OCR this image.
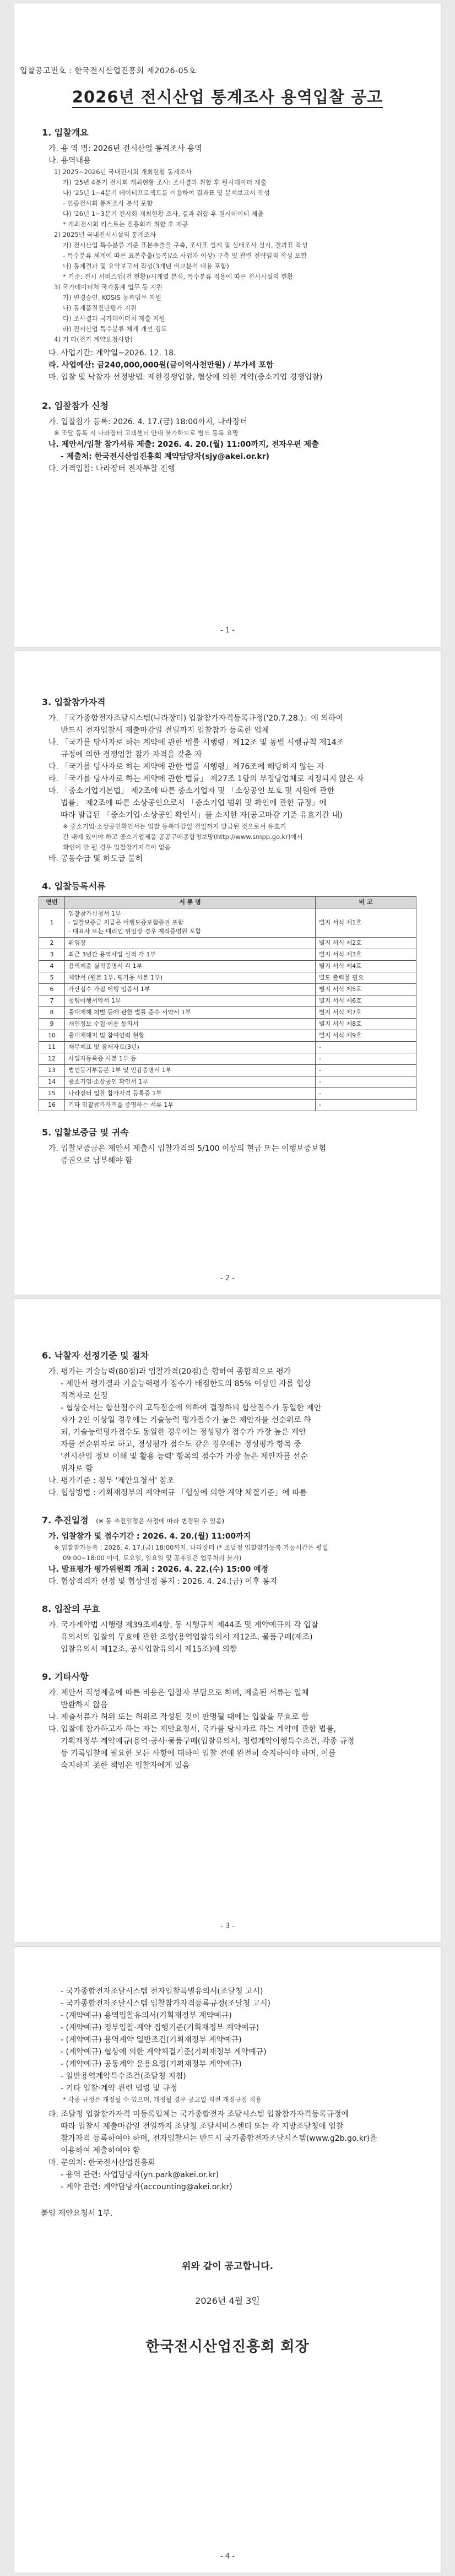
입찰공고번호 : 한국전시산업진흥회 제2026-05호
2026년 전시산업 통계조사 용역입찰 공고
1. 입찰개요
가. 용 역 명: 2026년 전시산업 통계조사 용역
나. 용역내용
1) 2025~2026년 국내전시회 개최현황 통계조사
가) '25년 4분기 전시회 개최현황 조사: 조사결과 취합 후 원시데이터 제출
나) '25년 1~4분기 데이터프로젝트를 이용하여 결과표 및 분석보고서 작성
- 인증전시회 통계조사 분석 포함
다) '26년 1~3분기 전시회 개최현황 조사, 결과 취합 후 원시데이터 제출
* 개최전시회 리스트는 진흥회가 취합 후 제공
2) 2025년 국내전시시설의 통계조사
가) 전시산업 특수분류 기준 표본추출을 구축, 조사표 설계 및 실태조사 실시, 결과표 작성
- 특수분류 체계에 따른 표본추출(등록)/소 사업자 이상) 구축 및 관련 전략임직 작성 포함
나) 통계결과 및 요약보고서 작성(3개년 비교분석 내용 포함)
* 기준: 전시 서비스업(전 현황)/시계열 분석, 특수분류 적용에 따른 전시시설의 현황
3) 국가데이터처 국가통계 업무 등 지원
가) 변경승인, KOSIS 등록업무 지원
나) 통계품질진단평가 지원
다) 조사결과 국가데이터처 제출 지원
라) 전시산업 특수분류 체계 개선 검토
4) 기 타(전기 계약요청사항)
다. 사업기간: 계약일~2026. 12. 18.
라. 사업예산: 금240,000,000원(금이억사천만원) / 부가세 포함
마. 입찰 및 낙찰자 선정방법: 제한경쟁입찰, 협상에 의한 계약(중소기업 경쟁입찰)
2. 입찰참가 신청
가. 입찰참가 등록: 2026. 4. 17.(금) 18:00까지, 나라장터
※ 조달 등록 시 나라장터 고객센터 안내 불가하므로 별도 등록 요망
나. 제안서/입찰 참가서류 제출: 2026. 4. 20.(월) 11:00까지, 전자우편 제출
- 제출처: 한국전시산업진흥회 계약담당자(sjy@akei.or.kr)
다. 가격입찰: 나라장터 전자투찰 진행
- 1 -
3. 입찰참가자격
가. 「국가종합전자조달시스템(나라장터) 입찰참가자격등록규정('20.7.28.)」에 의하여
반드시 전자입찰서 제출마감일 전일까지 입찰참가 등록한 업체
나. 「국가를 당사자로 하는 계약에 관한 법률 시행령」제12조 및 동법 시행규칙 제14조
규정에 의한 경쟁입찰 참가 자격을 갖춘 자
다. 「국가를 당사자로 하는 계약에 관한 법률 시행령」제76조에 해당하지 않는 자
라. 「국가를 당사자로 하는 계약에 관한 법률」 제27조 1항의 부정당업체로 지정되지 않은 자
마. 「중소기업기본법」 제2조에 따른 중소기업자 및 「소상공인 보호 및 지원에 관한
법률」 제2조에 따른 소상공인으로서 「중소기업 범위 및 확인에 관한 규정」에
따라 발급된 「중소기업·소상공인 확인서」를 소지한 자(공고마감 기준 유효기간 내)
※ 중소기업·소상공인확인서는 입찰 등록마감일 전일까지 발급된 것으로서 유효기
간 내에 있어야 하고 중소기업제품 공공구매종합정보망(http://www.smpp.go.kr)에서
확인이 안 될 경우 입찰참가자격이 없음
바. 공동수급 및 하도급 불허
4. 입찰등록서류
연번	서 류 명	비 고
1	입찰참가신청서 1부
- 입찰보증금 지급은 이행보증보험증권 포함
- 대표자 또는 대리인 위임장 경우 재직증명원 포함	별지 서식 제1호
2	위임장	별지 서식 제2호
3	최근 3년간 용역사업 실적 각 1부	별지 서식 제3호
4	용역제출 실적증명서 각 1부	별지 서식 제4호
5	제안서 (원본 1부, 평가용 사본 1부)	별도 출력물 필요
6	가산점수 가점 이행 입증서 1부	별지 서식 제5호
7	청렴이행서약서 1부	별지 서식 제6호
8	중대재해 처벌 등에 관한 법률 준수 서약서 1부	별지 서식 제7호
9	개인정보 수집·이용 동의서	별지 서식 제8호
10	중대재해지 및 참여인력 현황	별지 서식 제9호
11	재무제표 및 잠재자료(3년)	-
12	사업자등록증 사본 1부 등	-
13	법인등기부등본 1부 및 인감증명서 1부	-
14	중소기업·소상공인 확인서 1부	-
15	나라장터 입찰 참가자격 등록증 1부	-
16	기타 입찰참가자격을 증명하는 서류 1부	-
5. 입찰보증금 및 귀속
가. 입찰보증금은 제안서 제출시 입찰가격의 5/100 이상의 현금 또는 이행보증보험
증권으로 납부해야 함
- 2 -
6. 낙찰자 선정기준 및 절차
가. 평가는 기술능력(80점)과 입찰가격(20점)을 합하여 종합적으로 평가
- 제안서 평가결과 기술능력평가 점수가 배점한도의 85% 이상인 자를 협상
적격자로 선정
- 협상순서는 합산점수의 고득점순에 의하여 결정하되 합산점수가 동일한 제안
자가 2인 이상일 경우에는 기술능력 평가점수가 높은 제안자를 선순위로 하
되, 기술능력평가점수도 동일한 경우에는 정성평가 점수가 가장 높은 제안
자를 선순위자로 하고, 정성평가 점수도 같은 경우에는 정성평가 항목 중
'전시산업 정보 이해 및 활용 능력' 항목의 점수가 가장 높은 제안자를 선순
위자로 함
나. 평가기준 : 첨부 '제안요청서' 참조
다. 협상방법 : 기획재정부의 계약예규 「협상에 의한 계약 체결기준」에 따름
7. 추진일정 (※ 동 추진일정은 사정에 따라 변경될 수 있음)
가. 입찰참가 및 접수기간 : 2026. 4. 20.(월) 11:00까지
※ 입찰참가등록 : 2026. 4. 17.(금) 18:00까지, 나라장터 (* 조달청 입찰참가등록 가능시간은 평일
09:00~18:00 이며, 토요일, 일요일 및 공휴일은 업무처리 불가)
나. 발표평가 평가위원회 개최 : 2026. 4. 22.(수) 15:00 예정
다. 협상적격자 선정 및 협상일정 통지 : 2026. 4. 24.(금) 이후 통지
8. 입찰의 무효
가. 국가계약법 시행령 제39조제4항, 동 시행규칙 제44조 및 계약예규의 각 입찰
유의서의 입찰의 무효에 관한 조항(용역입찰유의서 제12조, 물품구매(제조)
입찰유의서 제12조, 공사입찰유의서 제15조)에 의함
9. 기타사항
가. 제안서 작성제출에 따른 비용은 입찰자 부담으로 하며, 제출된 서류는 일체
반환하지 않음
나. 제출서류가 허위 또는 허위로 작성된 것이 판명될 때에는 입찰을 무효로 함
다. 입찰에 참가하고자 하는 자는 제안요청서, 국가를 당사자로 하는 계약에 관한 법률,
기획재정부 계약예규(용역·공사·물품구매(입찰유의서, 청렴계약이행특수조건, 각종 규정
등 기록입찰에 필요한 모든 사항에 대하여 입찰 전에 완전히 숙지하여야 하며, 이를
숙지하지 못한 책임은 입찰자에게 있음
- 3 -
- 국가종합전자조달시스템 전자입찰특별유의서(조달청 고시)
- 국가종합전자조달시스템 입찰참가자격등록규정(조달청 고시)
- (계약예규) 용역입찰유의서(기획재정부 계약예규)
- (계약예규) 정부입찰·계약 집행기준(기획재정부 계약예규)
- (계약예규) 용역계약 일반조건(기획재정부 계약예규)
- (계약예규) 협상에 의한 계약체결기준(기획재정부 계약예규)
- (계약예규) 공동계약 운용요령(기획재정부 계약예규)
- 일반용역계약특수조건(조달청 지침)
- 기타 입찰·계약 관련 법령 및 규정
* 각종 규정은 개정될 수 있으며, 개정될 경우 공고일 직전 개정규정 적용
라. 조달청 입찰참가자격 미등록업체는 국가종합전자 조달시스템 입찰참가자격등록규정에
따라 입찰서 제출마감일 전일까지 조달청 조달서비스센터 또는 각 지방조달청에 입찰
참가자격 등록하여야 하며, 전자입찰서는 반드시 국가종합전자조달시스템(www.g2b.go.kr)을
이용하여 제출하여야 함
마. 문의처: 한국전시산업진흥회
- 용역 관련: 사업담당자(yn.park@akei.or.kr)
- 계약 관련: 계약담당자(accounting@akei.or.kr)
붙임 제안요청서 1부.
위와 같이 공고합니다.
2026년 4월 3일
한국전시산업진흥회 회장
- 4 -
